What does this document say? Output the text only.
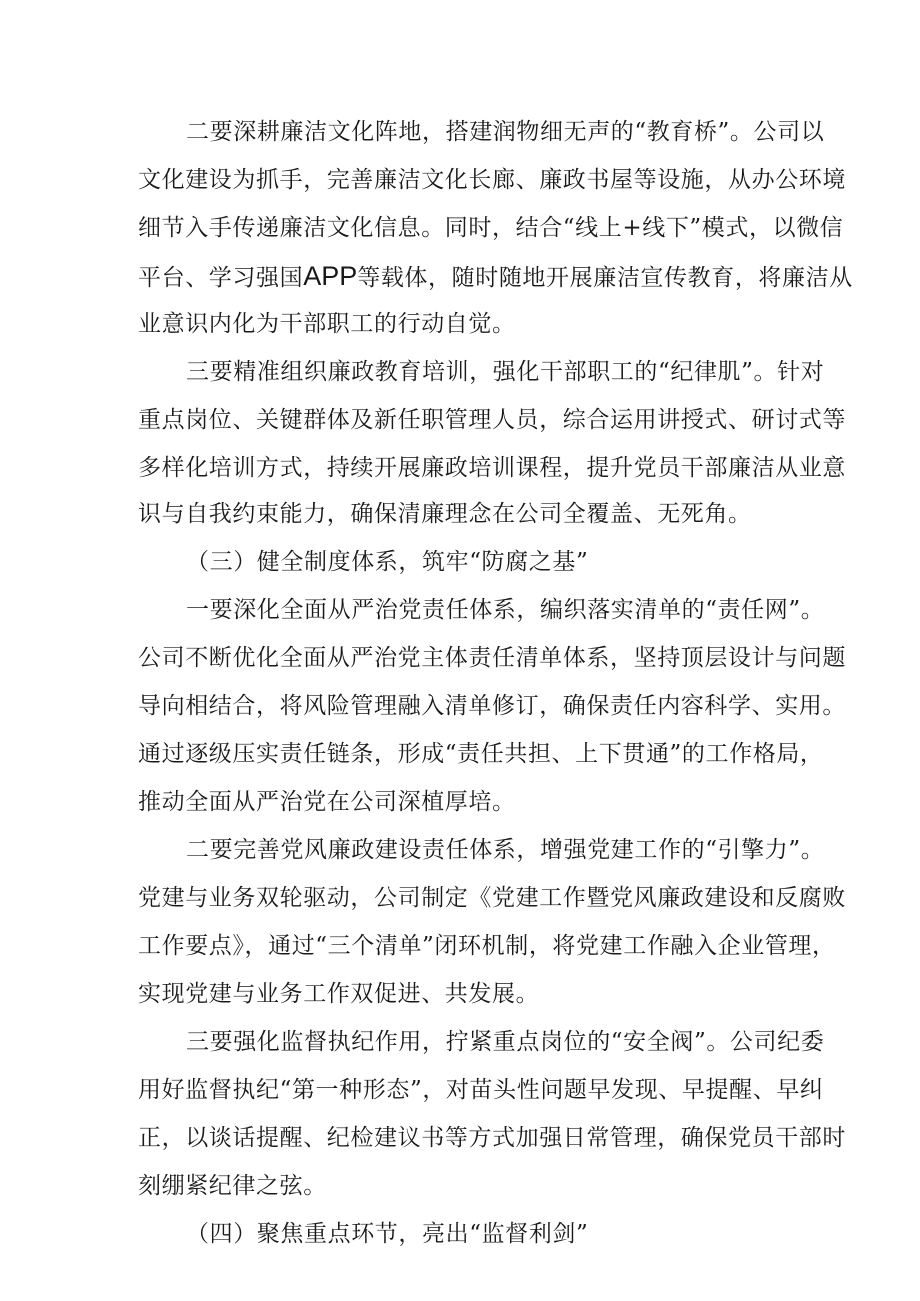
二要深耕廉洁文化阵地，搭建润物细无声的“教育桥”。公司以
文化建设为抓手，完善廉洁文化长廊、廉政书屋等设施，从办公环境
细节入手传递廉洁文化信息。同时，结合“线上+线下”模式，以微信
平台、学习强国APP等载体，随时随地开展廉洁宣传教育，将廉洁从
业意识内化为干部职工的行动自觉。
三要精准组织廉政教育培训，强化干部职工的“纪律肌”。针对
重点岗位、关键群体及新任职管理人员，综合运用讲授式、研讨式等
多样化培训方式，持续开展廉政培训课程，提升党员干部廉洁从业意
识与自我约束能力，确保清廉理念在公司全覆盖、无死角。
（三）健全制度体系，筑牢“防腐之基”
一要深化全面从严治党责任体系，编织落实清单的“责任网”。
公司不断优化全面从严治党主体责任清单体系，坚持顶层设计与问题
导向相结合，将风险管理融入清单修订，确保责任内容科学、实用。
通过逐级压实责任链条，形成“责任共担、上下贯通”的工作格局，
推动全面从严治党在公司深植厚培。
二要完善党风廉政建设责任体系，增强党建工作的“引擎力”。
党建与业务双轮驱动，公司制定《党建工作暨党风廉政建设和反腐败
工作要点》，通过“三个清单”闭环机制，将党建工作融入企业管理，
实现党建与业务工作双促进、共发展。
三要强化监督执纪作用，拧紧重点岗位的“安全阀”。公司纪委
用好监督执纪“第一种形态”，对苗头性问题早发现、早提醒、早纠
正，以谈话提醒、纪检建议书等方式加强日常管理，确保党员干部时
刻绷紧纪律之弦。
（四）聚焦重点环节，亮出“监督利剑”
